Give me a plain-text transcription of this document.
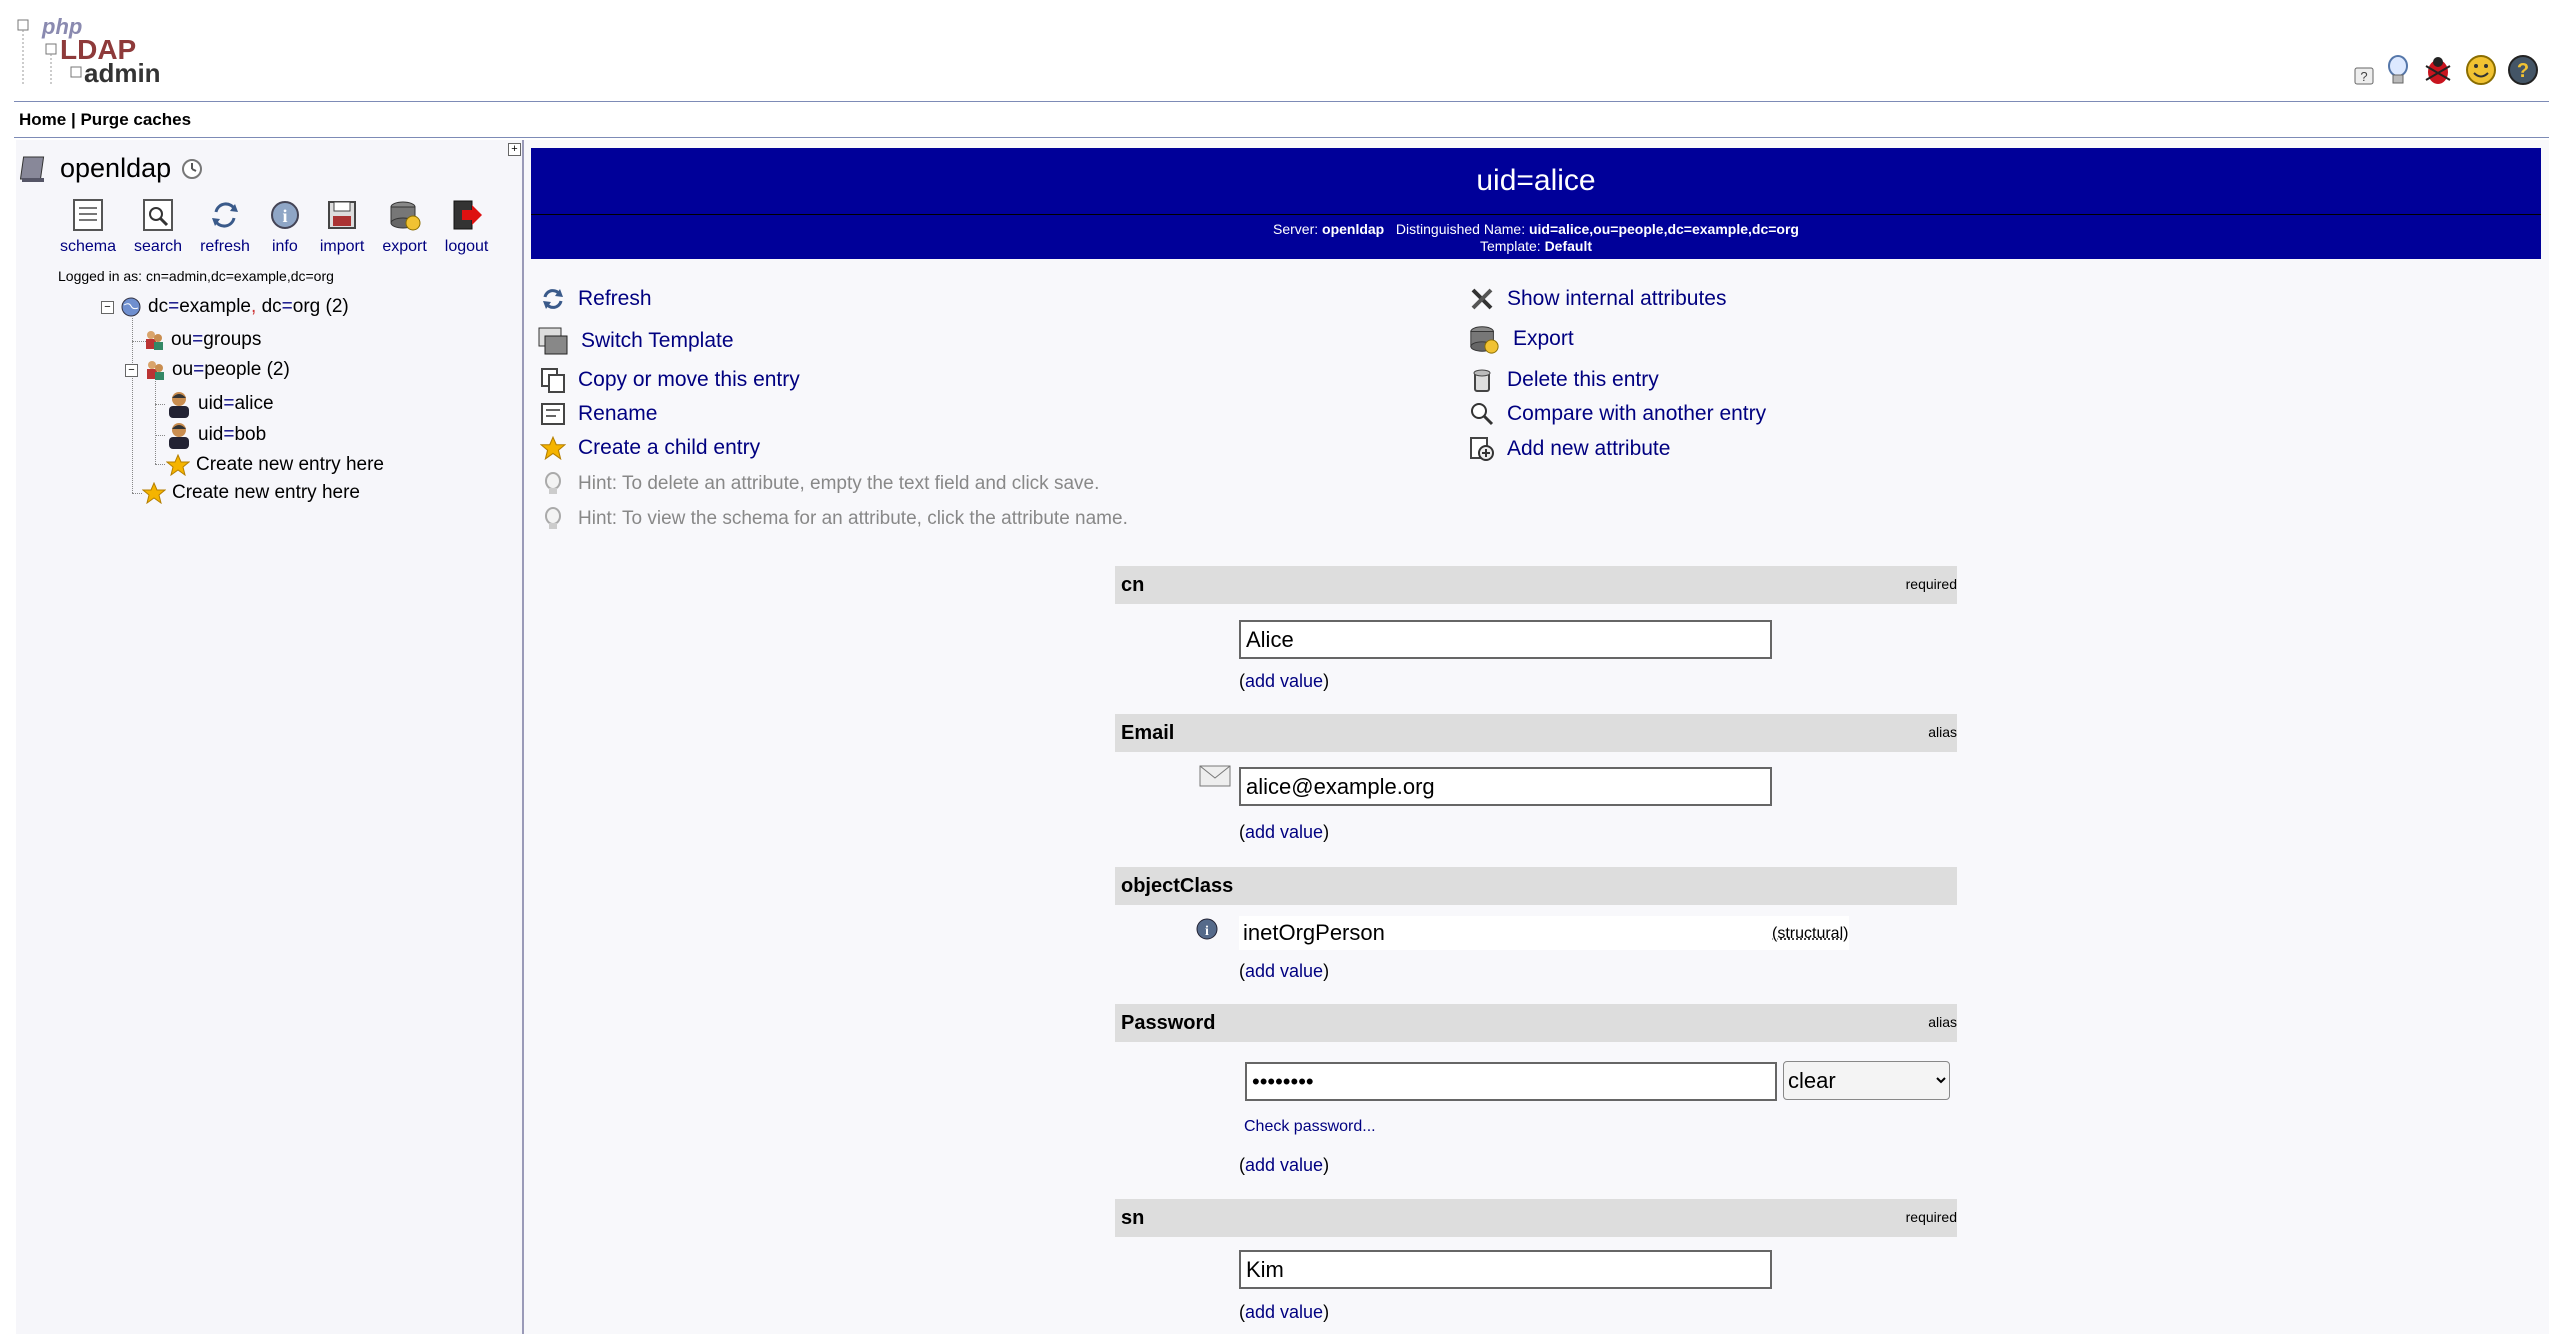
php
LDAP
admin	?	?
Home | Purge caches
+
openldap
schema search refresh
i
info import export logout
Logged in as: cn=admin,dc=example,dc=org
− dc=example, dc=org (2)
ou=groups
− ou=people (2)
uid=alice
uid=bob
Create new entry here
Create new entry here
uid=alice
Server: openldap Distinguished Name: uid=alice,ou=people,dc=example,dc=org
Template: Default
Refresh
Switch Template
Copy or move this entry
Rename
Create a child entry
Hint: To delete an attribute, empty the text field and click save.
Hint: To view the schema for an attribute, click the attribute name.
Show internal attributes
Export
Delete this entry
Compare with another entry
Add new attribute
cn	required
Alice
(add value)
Email	alias
alice@example.org
(add value)
objectClass
i inetOrgPerson	(structural)
(add value)
Password	alias
••••••••
clear
Check password...
(add value)
sn	required
Kim
(add value)
